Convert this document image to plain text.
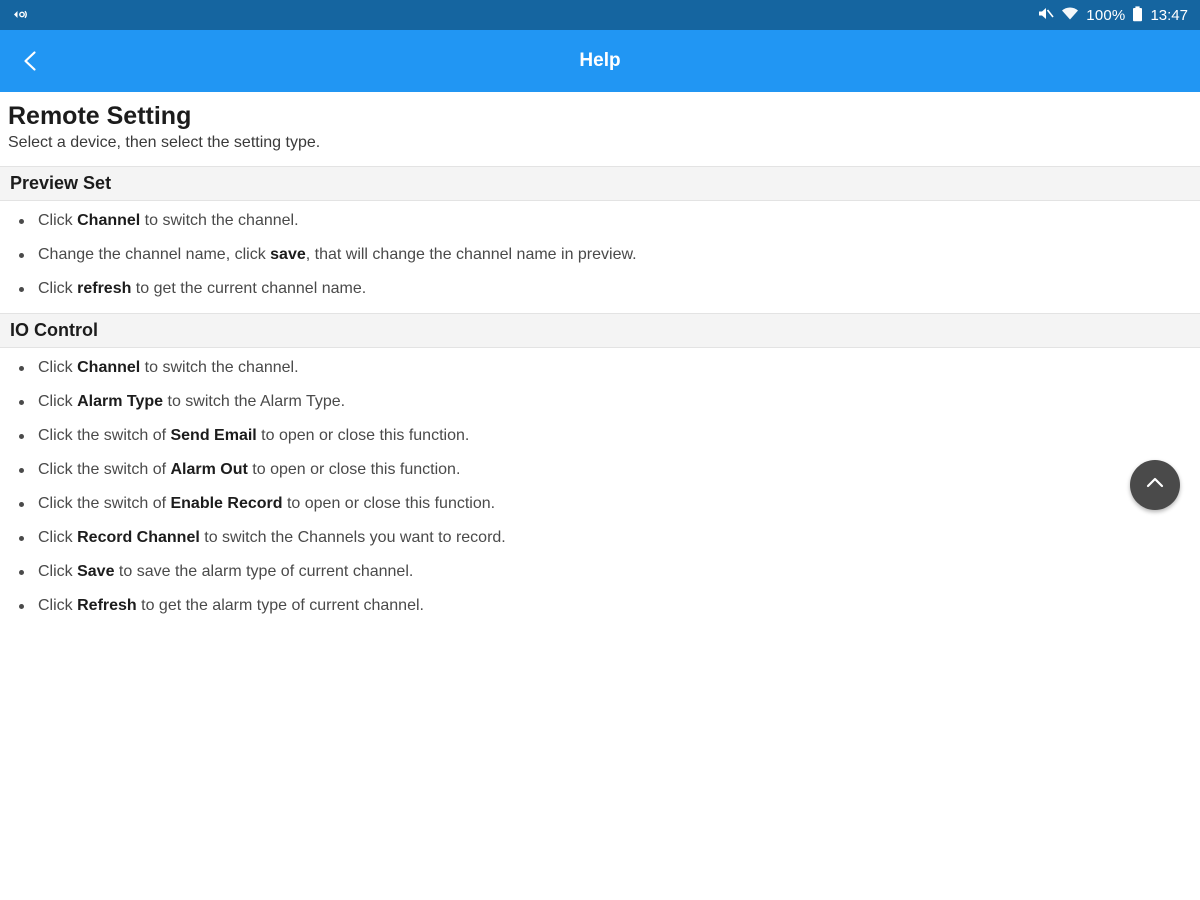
100% 13:47
Help
Remote Setting

Select a device, then select the setting type.

Preview Set
Click Channel to switch the channel.
Change the channel name, click save, that will change the channel name in preview.
Click refresh to get the current channel name.
IO Control
Click Channel to switch the channel.
Click Alarm Type to switch the Alarm Type.
Click the switch of Send Email to open or close this function.
Click the switch of Alarm Out to open or close this function.
Click the switch of Enable Record to open or close this function.
Click Record Channel to switch the Channels you want to record.
Click Save to save the alarm type of current channel.
Click Refresh to get the alarm type of current channel.
